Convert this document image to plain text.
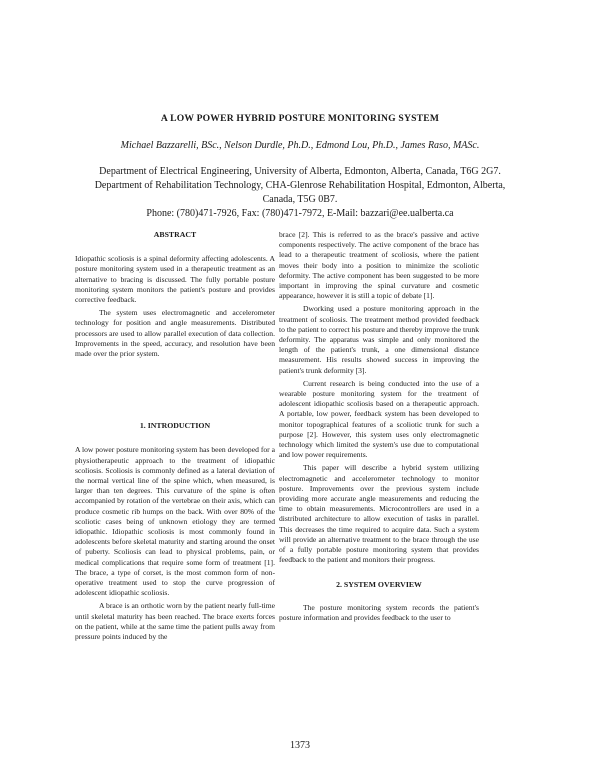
A LOW POWER HYBRID POSTURE MONITORING SYSTEM
Michael Bazzarelli, BSc., Nelson Durdle, Ph.D., Edmond Lou, Ph.D., James Raso, MASc.
Department of Electrical Engineering, University of Alberta, Edmonton, Alberta, Canada, T6G 2G7.
Department of Rehabilitation Technology, CHA-Glenrose Rehabilitation Hospital, Edmonton, Alberta, Canada, T5G 0B7.
Phone: (780)471-7926, Fax: (780)471-7972, E-Mail: bazzari@ee.ualberta.ca
ABSTRACT

Idiopathic scoliosis is a spinal deformity affecting adolescents. A posture monitoring system used in a therapeutic treatment as an alternative to bracing is discussed. The fully portable posture monitoring system monitors the patient's posture and provides corrective feedback.

The system uses electromagnetic and accelerometer technology for position and angle measurements. Distributed processors are used to allow parallel execution of data collection. Improvements in the speed, accuracy, and resolution have been made over the prior system.

1. INTRODUCTION

A low power posture monitoring system has been developed for a physiotherapeutic approach to the treatment of idiopathic scoliosis. Scoliosis is commonly defined as a lateral deviation of the normal vertical line of the spine which, when measured, is larger than ten degrees. This curvature of the spine is often accompanied by rotation of the vertebrae on their axis, which can produce cosmetic rib humps on the back. With over 80% of the scoliotic cases being of unknown etiology they are termed idiopathic. Idiopathic scoliosis is most commonly found in adolescents before skeletal maturity and starting around the onset of puberty. Scoliosis can lead to physical problems, pain, or medical complications that require some form of treatment [1]. The brace, a type of corset, is the most common form of non-operative treatment used to stop the curve progression of adolescent idiopathic scoliosis.

A brace is an orthotic worn by the patient nearly full-time until skeletal maturity has been reached. The brace exerts forces on the patient, while at the same time the patient pulls away from pressure points induced by the

brace [2]. This is referred to as the brace's passive and active components respectively. The active component of the brace has lead to a therapeutic treatment of scoliosis, where the patient moves their body into a position to minimize the scoliotic deformity. The active component has been suggested to be more important in improving the spinal curvature and cosmetic appearance, however it is still a topic of debate [1].

Dworking used a posture monitoring approach in the treatment of scoliosis. The treatment method provided feedback to the patient to correct his posture and thereby improve the trunk deformity. The apparatus was simple and only monitored the length of the patient's trunk, a one dimensional distance measurement. His results showed success in improving the patient's trunk deformity [3].

Current research is being conducted into the use of a wearable posture monitoring system for the treatment of adolescent idiopathic scoliosis based on a therapeutic approach. A portable, low power, feedback system has been developed to monitor topographical features of a scoliotic trunk for such a purpose [2]. However, this system uses only electromagnetic technology which limited the system's use due to computational and low power requirements.

This paper will describe a hybrid system utilizing electromagnetic and accelerometer technology to monitor posture. Improvements over the previous system include providing more accurate angle measurements and reducing the time to obtain measurements. Microcontrollers are used in a distributed architecture to allow execution of tasks in parallel. This decreases the time required to acquire data. Such a system will provide an alternative treatment to the brace through the use of a fully portable posture monitoring system that provides feedback to the patient and monitors their progress.

2. SYSTEM OVERVIEW

The posture monitoring system records the patient's posture information and provides feedback to the user to

1373
